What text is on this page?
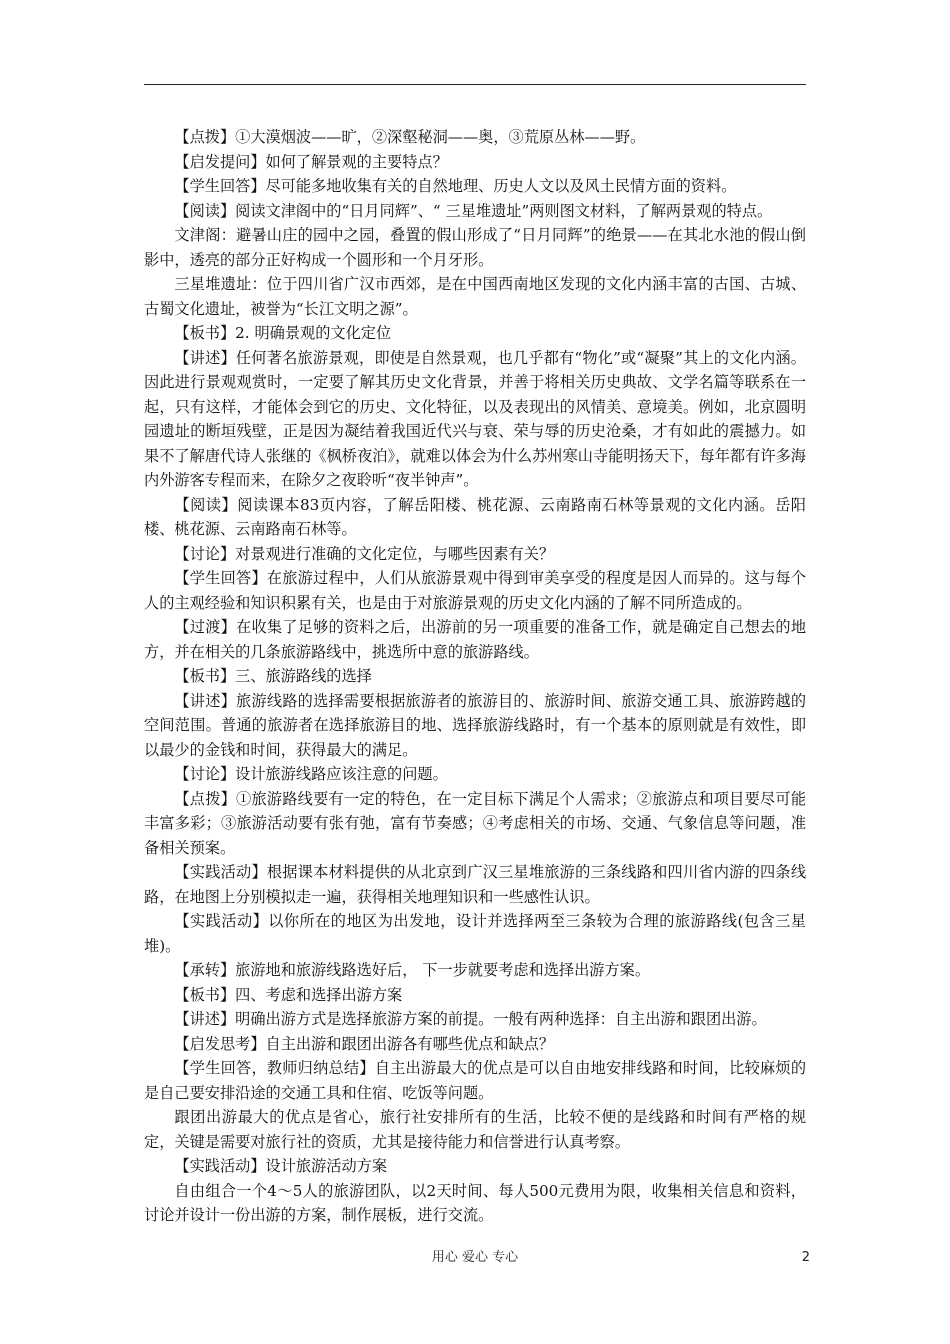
【点拨】①大漠烟波——旷，②深壑秘洞——奥，③荒原丛林——野。

【启发提问】如何了解景观的主要特点？

【学生回答】尽可能多地收集有关的自然地理、历史人文以及风土民情方面的资料。

【阅读】阅读文津阁中的“日月同辉”、“ 三星堆遗址”两则图文材料，了解两景观的特点。

文津阁：避暑山庄的园中之园，叠置的假山形成了“日月同辉”的绝景——在其北水池的假山倒影中，透亮的部分正好构成一个圆形和一个月牙形。

三星堆遗址：位于四川省广汉市西郊，是在中国西南地区发现的文化内涵丰富的古国、古城、古蜀文化遗址，被誉为“长江文明之源”。

【板书】2. 明确景观的文化定位

【讲述】任何著名旅游景观，即使是自然景观，也几乎都有“物化”或“凝聚”其上的文化内涵。因此进行景观观赏时，一定要了解其历史文化背景，并善于将相关历史典故、文学名篇等联系在一起，只有这样，才能体会到它的历史、文化特征，以及表现出的风情美、意境美。例如，北京圆明园遗址的断垣残壁，正是因为凝结着我国近代兴与衰、荣与辱的历史沧桑，才有如此的震撼力。如果不了解唐代诗人张继的《枫桥夜泊》，就难以体会为什么苏州寒山寺能明扬天下，每年都有许多海内外游客专程而来，在除夕之夜聆听“夜半钟声”。

【阅读】阅读课本83页内容，了解岳阳楼、桃花源、云南路南石林等景观的文化内涵。岳阳楼、桃花源、云南路南石林等。

【讨论】对景观进行准确的文化定位，与哪些因素有关？

【学生回答】在旅游过程中，人们从旅游景观中得到审美享受的程度是因人而异的。这与每个人的主观经验和知识积累有关，也是由于对旅游景观的历史文化内涵的了解不同所造成的。

【过渡】在收集了足够的资料之后，出游前的另一项重要的准备工作，就是确定自己想去的地方，并在相关的几条旅游路线中，挑选所中意的旅游路线。

【板书】三、旅游路线的选择

【讲述】旅游线路的选择需要根据旅游者的旅游目的、旅游时间、旅游交通工具、旅游跨越的空间范围。普通的旅游者在选择旅游目的地、选择旅游线路时，有一个基本的原则就是有效性，即以最少的金钱和时间，获得最大的满足。

【讨论】设计旅游线路应该注意的问题。

【点拨】①旅游路线要有一定的特色，在一定目标下满足个人需求；②旅游点和项目要尽可能丰富多彩；③旅游活动要有张有弛，富有节奏感；④考虑相关的市场、交通、气象信息等问题，准备相关预案。

【实践活动】根据课本材料提供的从北京到广汉三星堆旅游的三条线路和四川省内游的四条线路，在地图上分别模拟走一遍，获得相关地理知识和一些感性认识。

【实践活动】以你所在的地区为出发地，设计并选择两至三条较为合理的旅游路线(包含三星堆)。

【承转】旅游地和旅游线路选好后， 下一步就要考虑和选择出游方案。

【板书】四、考虑和选择出游方案

【讲述】明确出游方式是选择旅游方案的前提。一般有两种选择：自主出游和跟团出游。

【启发思考】自主出游和跟团出游各有哪些优点和缺点？

【学生回答，教师归纳总结】自主出游最大的优点是可以自由地安排线路和时间，比较麻烦的是自己要安排沿途的交通工具和住宿、吃饭等问题。

跟团出游最大的优点是省心，旅行社安排所有的生活，比较不便的是线路和时间有严格的规定，关键是需要对旅行社的资质，尤其是接待能力和信誉进行认真考察。

【实践活动】设计旅游活动方案

自由组合一个4～5人的旅游团队，以2天时间、每人500元费用为限，收集相关信息和资料，讨论并设计一份出游的方案，制作展板，进行交流。

用心 爱心 专心	2
